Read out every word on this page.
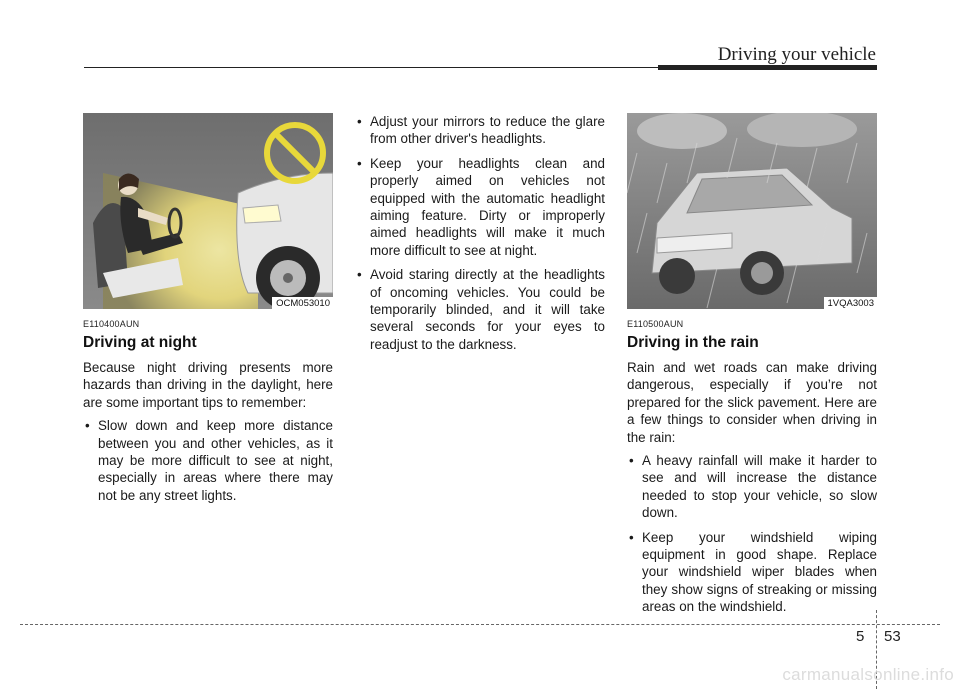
Driving your vehicle
OCM053010
E110400AUN
Driving at night

Because night driving presents more hazards than driving in the daylight, here are some important tips to remember:

• Slow down and keep more distance between you and other vehicles, as it may be more difficult to see at night, especially in areas where there may not be any street lights.
• Adjust your mirrors to reduce the glare from other driver's headlights.
• Keep your headlights clean and properly aimed on vehicles not equipped with the automatic headlight aiming feature. Dirty or improperly aimed headlights will make it much more difficult to see at night.
• Avoid staring directly at the headlights of oncoming vehicles. You could be temporarily blinded, and it will take several seconds for your eyes to readjust to the darkness.
1VQA3003
E110500AUN
Driving in the rain

Rain and wet roads can make driving dangerous, especially if you’re not prepared for the slick pavement. Here are a few things to consider when driving in the rain:

• A heavy rainfall will make it harder to see and will increase the distance needed to stop your vehicle, so slow down.
• Keep your windshield wiping equipment in good shape. Replace your windshield wiper blades when they show signs of streaking or missing areas on the windshield.
5 53
carmanualsonline.info
